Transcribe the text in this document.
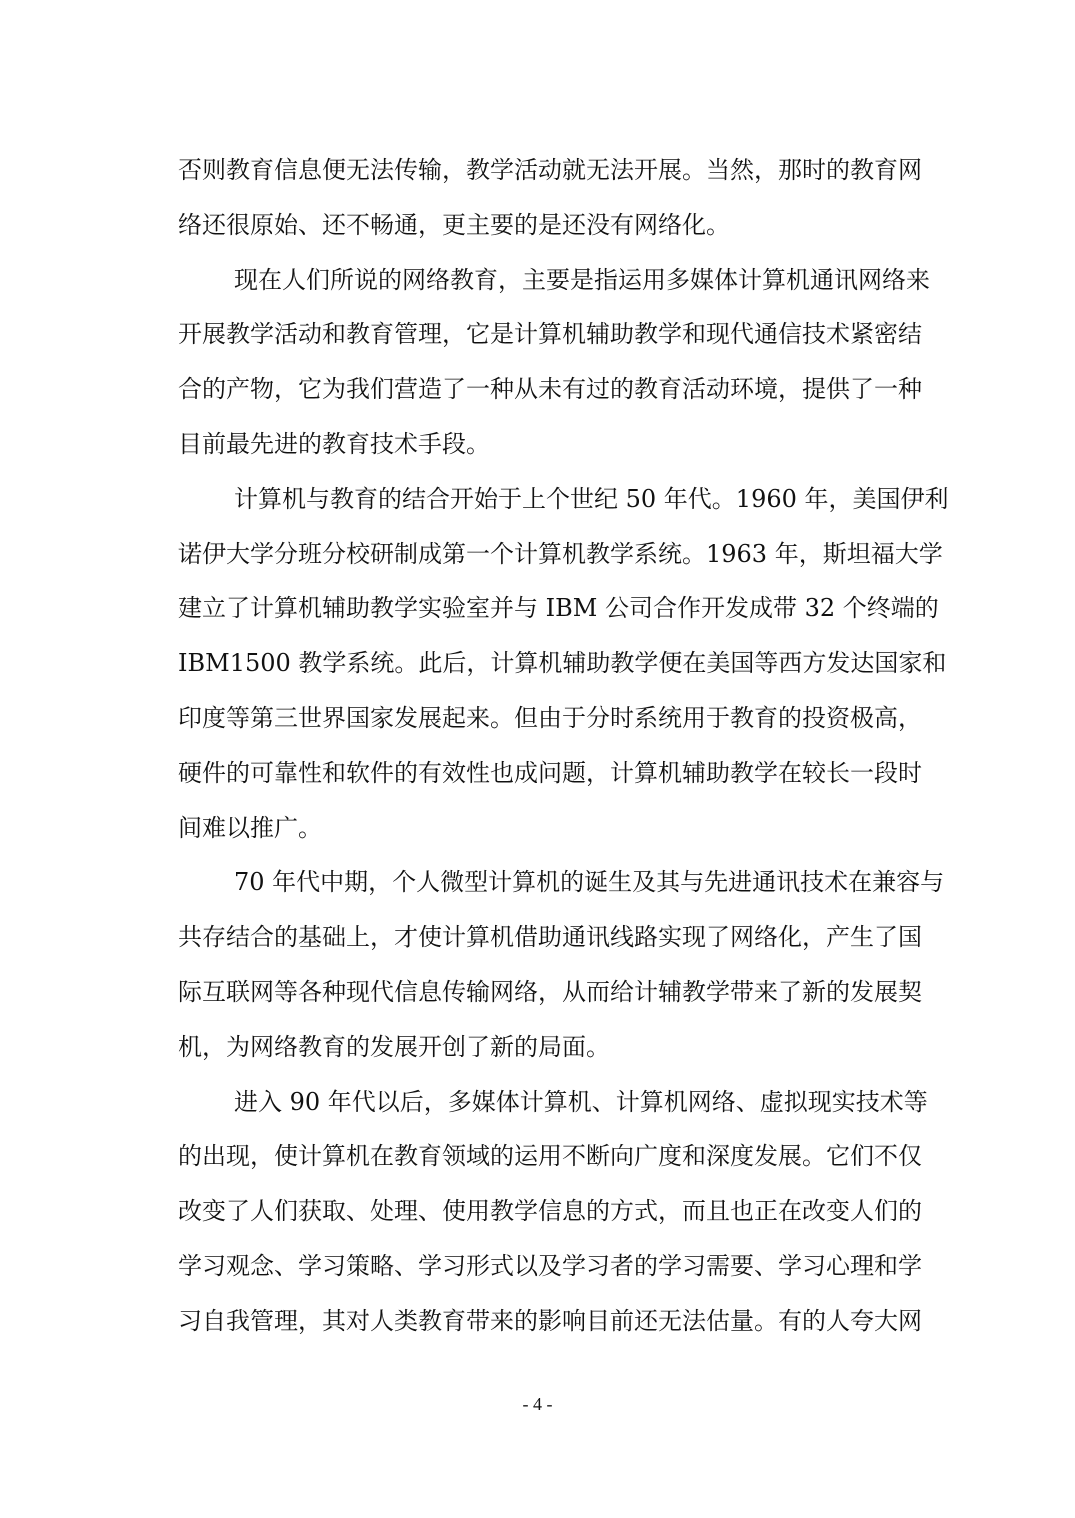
否则教育信息便无法传输，教学活动就无法开展。当然，那时的教育网
络还很原始、还不畅通，更主要的是还没有网络化。
现在人们所说的网络教育，主要是指运用多媒体计算机通讯网络来
开展教学活动和教育管理，它是计算机辅助教学和现代通信技术紧密结
合的产物，它为我们营造了一种从未有过的教育活动环境，提供了一种
目前最先进的教育技术手段。
计算机与教育的结合开始于上个世纪 50 年代。1960 年，美国伊利
诺伊大学分班分校研制成第一个计算机教学系统。1963 年，斯坦福大学
建立了计算机辅助教学实验室并与 IBM 公司合作开发成带 32 个终端的
IBM1500 教学系统。此后，计算机辅助教学便在美国等西方发达国家和
印度等第三世界国家发展起来。但由于分时系统用于教育的投资极高，
硬件的可靠性和软件的有效性也成问题，计算机辅助教学在较长一段时
间难以推广。
70 年代中期，个人微型计算机的诞生及其与先进通讯技术在兼容与
共存结合的基础上，才使计算机借助通讯线路实现了网络化，产生了国
际互联网等各种现代信息传输网络，从而给计辅教学带来了新的发展契
机，为网络教育的发展开创了新的局面。
进入 90 年代以后，多媒体计算机、计算机网络、虚拟现实技术等
的出现，使计算机在教育领域的运用不断向广度和深度发展。它们不仅
改变了人们获取、处理、使用教学信息的方式，而且也正在改变人们的
学习观念、学习策略、学习形式以及学习者的学习需要、学习心理和学
习自我管理，其对人类教育带来的影响目前还无法估量。有的人夸大网
- 4 -
